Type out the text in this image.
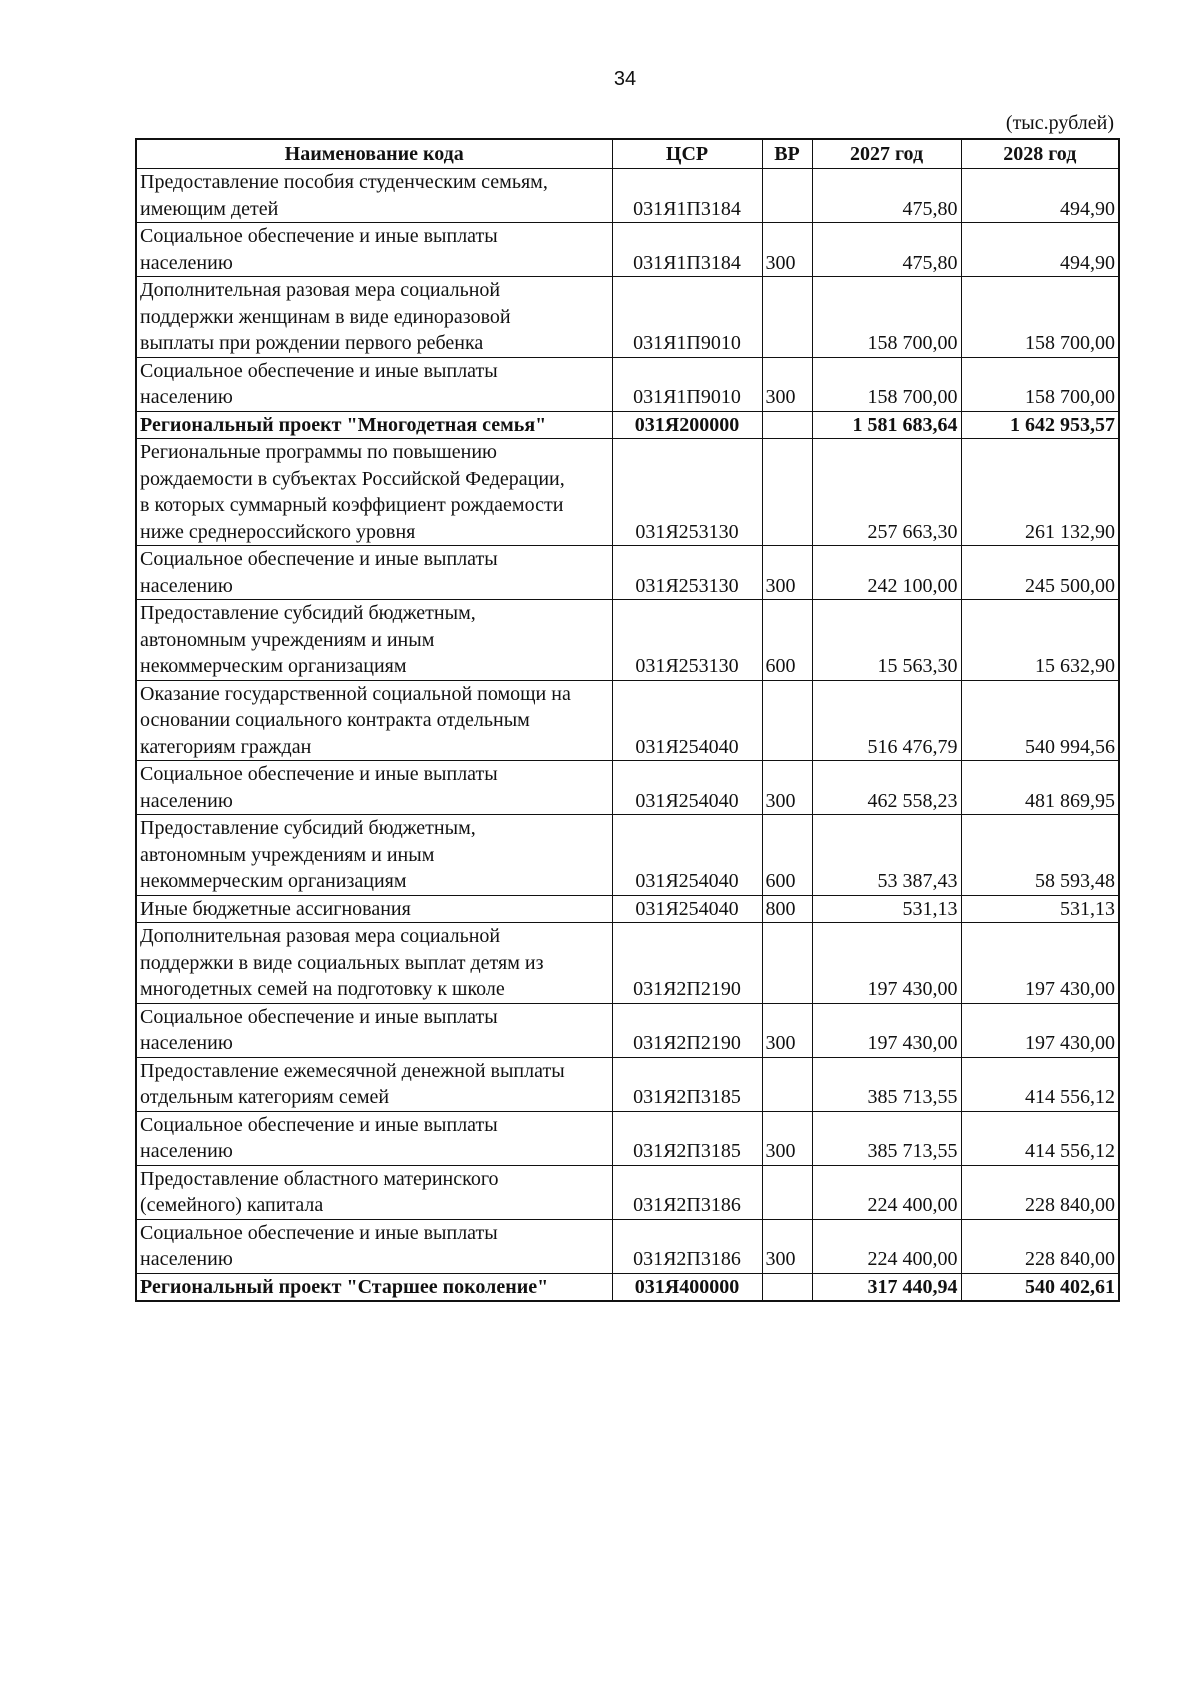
34
(тыс.рублей)
Наименование кода	ЦСР	ВР	2027 год	2028 год
Предоставление пособия студенческим семьям,
имеющим детей	031Я1П3184		475,80	494,90
Социальное обеспечение и иные выплаты
населению	031Я1П3184	300	475,80	494,90
Дополнительная разовая мера социальной
поддержки женщинам в виде единоразовой
выплаты при рождении первого ребенка	031Я1П9010		158 700,00	158 700,00
Социальное обеспечение и иные выплаты
населению	031Я1П9010	300	158 700,00	158 700,00
Региональный проект "Многодетная семья"	031Я200000		1 581 683,64	1 642 953,57
Региональные программы по повышению
рождаемости в субъектах Российской Федерации,
в которых суммарный коэффициент рождаемости
ниже среднероссийского уровня	031Я253130		257 663,30	261 132,90
Социальное обеспечение и иные выплаты
населению	031Я253130	300	242 100,00	245 500,00
Предоставление субсидий бюджетным,
автономным учреждениям и иным
некоммерческим организациям	031Я253130	600	15 563,30	15 632,90
Оказание государственной социальной помощи на
основании социального контракта отдельным
категориям граждан	031Я254040		516 476,79	540 994,56
Социальное обеспечение и иные выплаты
населению	031Я254040	300	462 558,23	481 869,95
Предоставление субсидий бюджетным,
автономным учреждениям и иным
некоммерческим организациям	031Я254040	600	53 387,43	58 593,48
Иные бюджетные ассигнования	031Я254040	800	531,13	531,13
Дополнительная разовая мера социальной
поддержки в виде социальных выплат детям из
многодетных семей на подготовку к школе	031Я2П2190		197 430,00	197 430,00
Социальное обеспечение и иные выплаты
населению	031Я2П2190	300	197 430,00	197 430,00
Предоставление ежемесячной денежной выплаты
отдельным категориям семей	031Я2П3185		385 713,55	414 556,12
Социальное обеспечение и иные выплаты
населению	031Я2П3185	300	385 713,55	414 556,12
Предоставление областного материнского
(семейного) капитала	031Я2П3186		224 400,00	228 840,00
Социальное обеспечение и иные выплаты
населению	031Я2П3186	300	224 400,00	228 840,00
Региональный проект "Старшее поколение"	031Я400000		317 440,94	540 402,61
